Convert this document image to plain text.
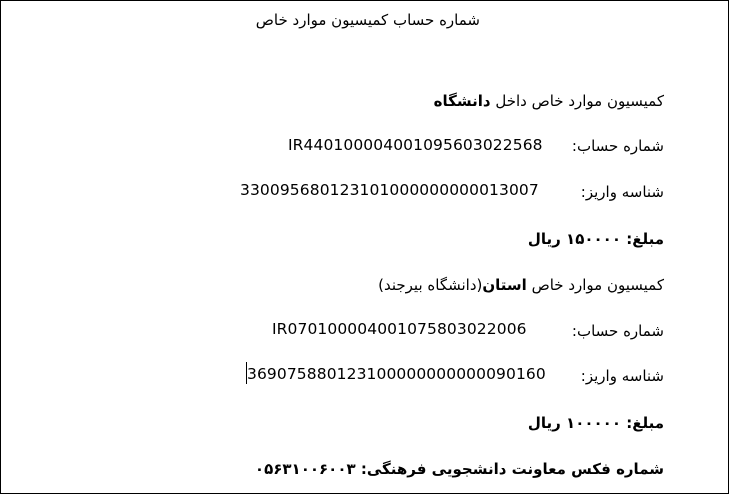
شماره حساب کمیسیون موارد خاص
کمیسیون موارد خاص داخل دانشگاه
شماره حساب:
IR440100004001095603022568
شناسه واریز:
330095680123101000000000013007
مبلغ: ۱۵۰۰۰۰ ریال
کمیسیون موارد خاص استان(دانشگاه بیرجند)
شماره حساب:
IR070100004001075803022006
شناسه واریز:
369075880123100000000000090160
مبلغ: ۱۰۰۰۰۰ ریال
شماره فکس معاونت دانشجویی فرهنگی: ۰۵۶۳۱۰۰۶۰۰۳
